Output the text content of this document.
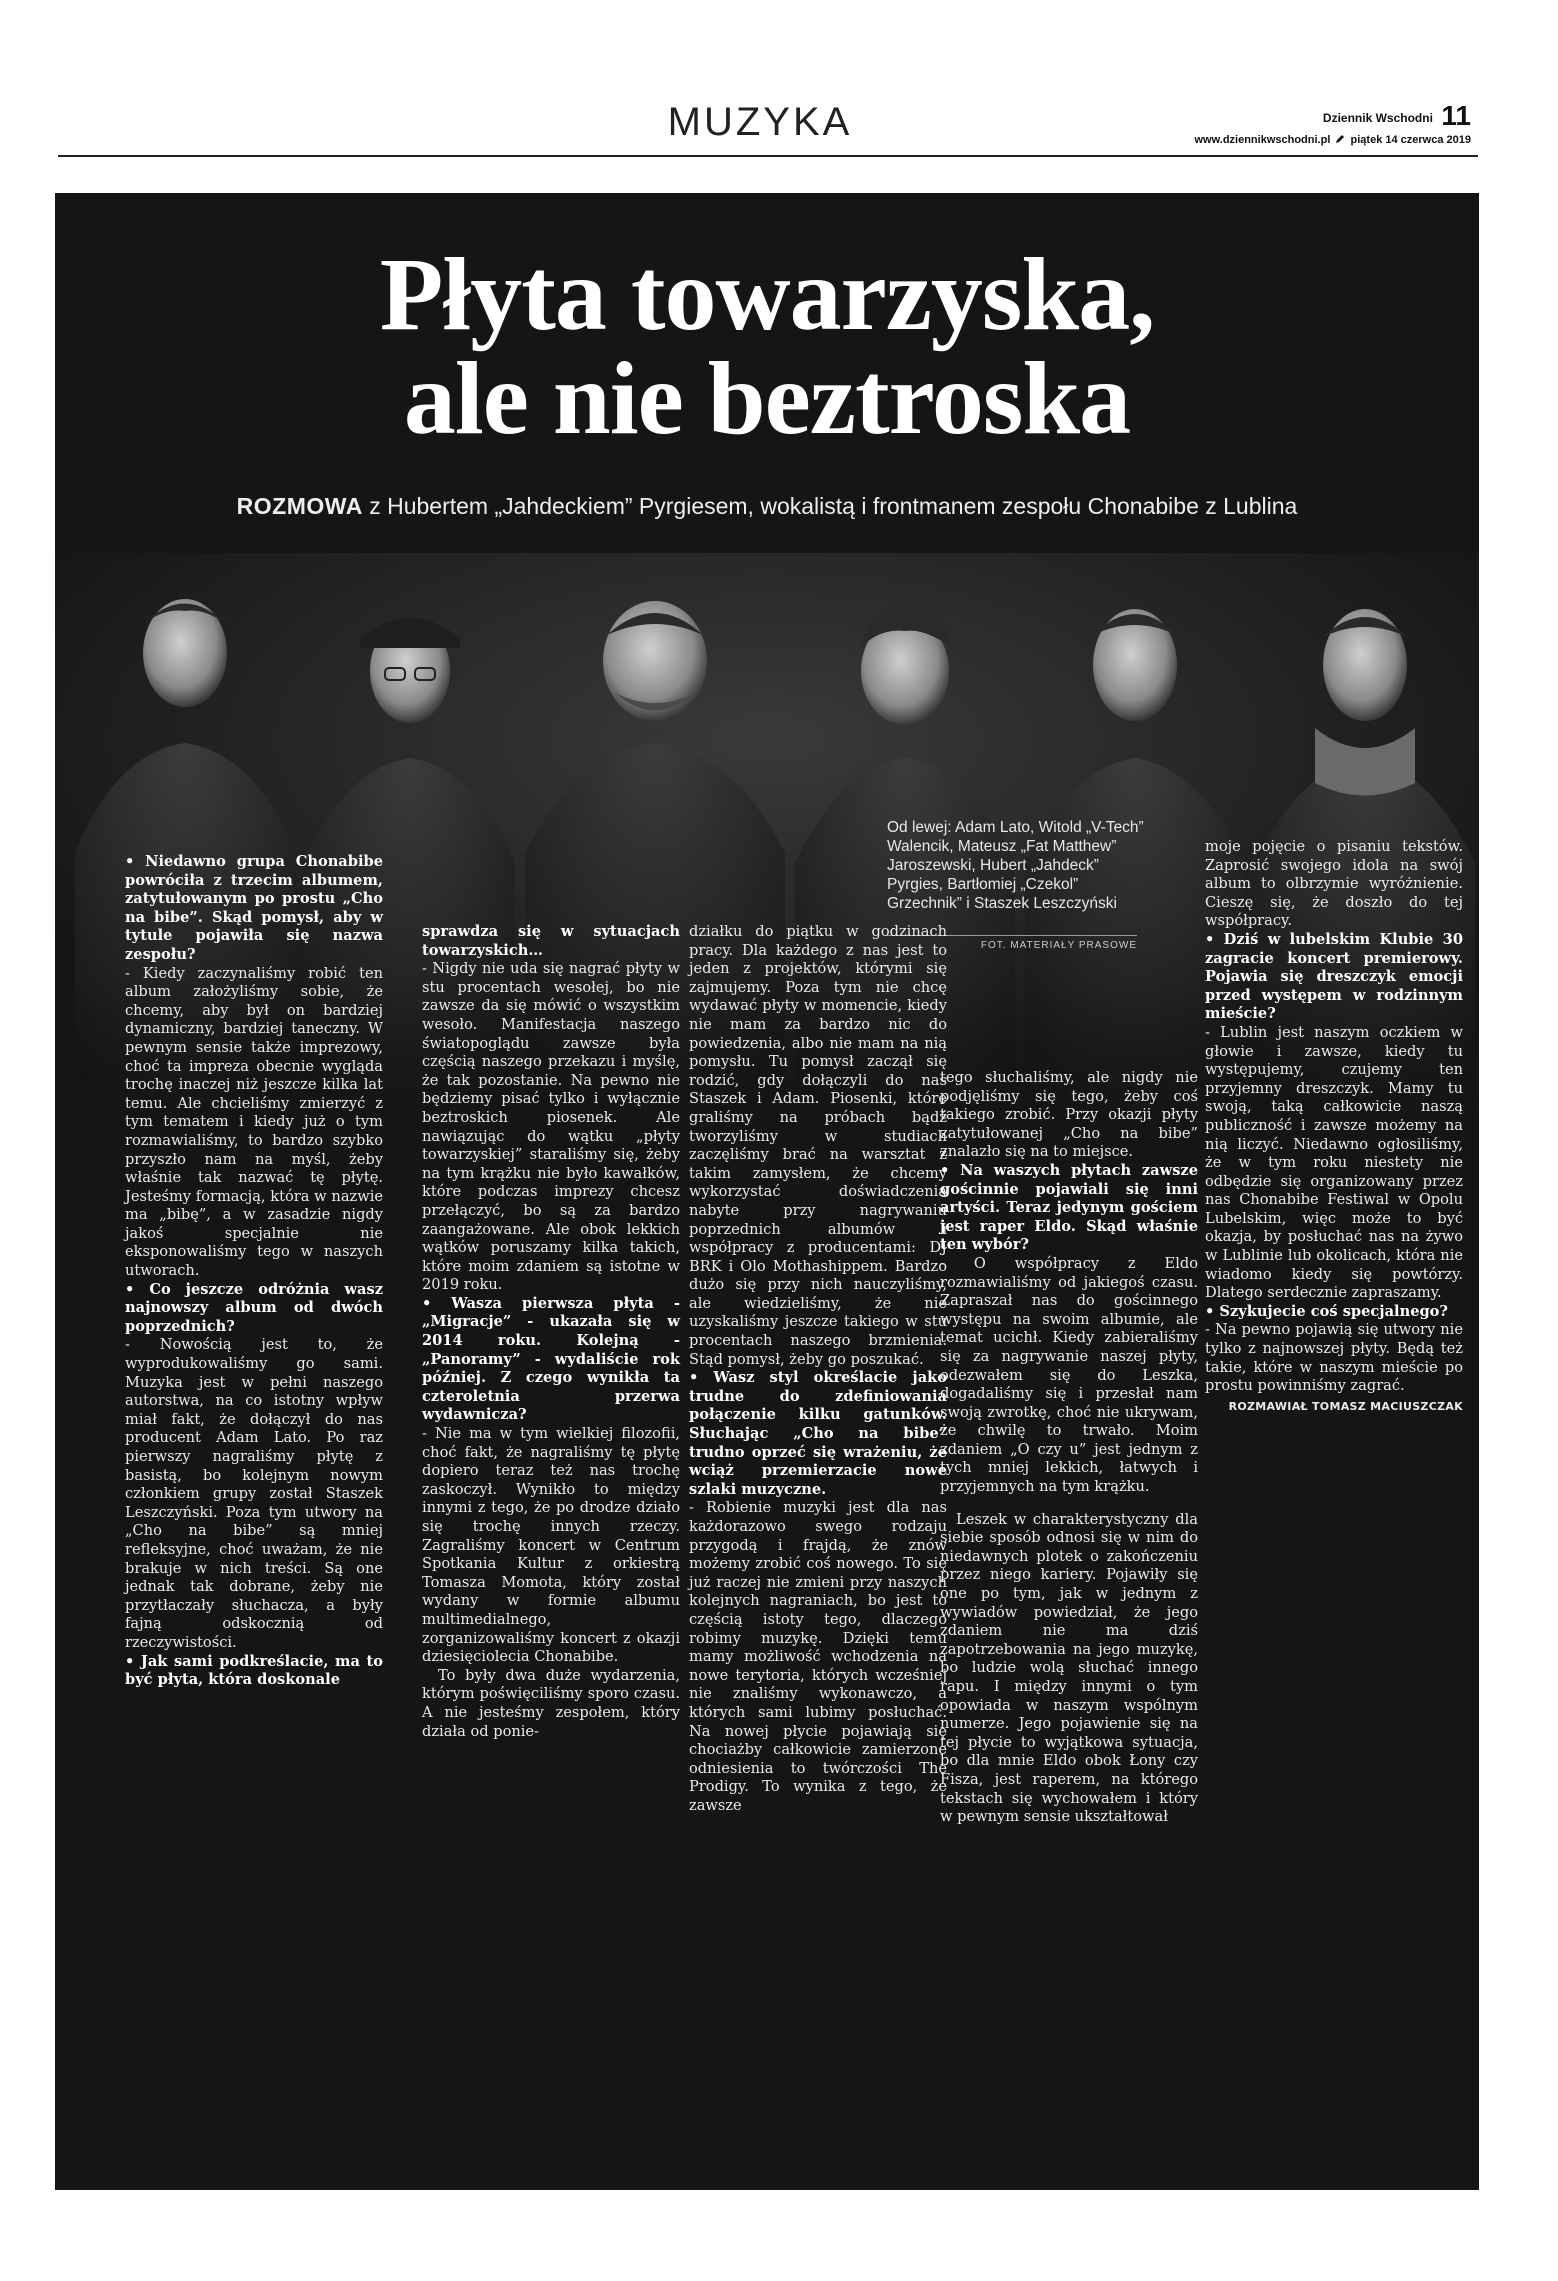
MUZYKA	Dziennik Wschodni 11
www.dziennikwschodni.pl piątek 14 czerwca 2019
Płyta towarzyska,
ale nie beztroska
ROZMOWA z Hubertem „Jahdeckiem” Pyrgiesem, wokalistą i frontmanem zespołu Chonabibe z Lublina
Od lewej: Adam Lato, Witold „V-Tech” Walencik, Mateusz „Fat Matthew” Jaroszewski, Hubert „Jahdeck” Pyrgies, Bartłomiej „Czekol” Grzechnik” i Staszek Leszczyński
FOT. MATERIAŁY PRASOWE

• Niedawno grupa Chonabibe powróciła z trzecim albumem, zatytułowanym po prostu „Cho na bibe”. Skąd pomysł, aby w tytule pojawiła się nazwa zespołu?

- Kiedy zaczynaliśmy robić ten album założyliśmy sobie, że chcemy, aby był on bardziej dynamiczny, bardziej taneczny. W pewnym sensie także imprezowy, choć ta impreza obecnie wygląda trochę inaczej niż jeszcze kilka lat temu. Ale chcieliśmy zmierzyć z tym tematem i kiedy już o tym rozmawialiśmy, to bardzo szybko przyszło nam na myśl, żeby właśnie tak nazwać tę płytę. Jesteśmy formacją, która w nazwie ma „bibę”, a w zasadzie nigdy jakoś specjalnie nie eksponowaliśmy tego w naszych utworach.

• Co jeszcze odróżnia wasz najnowszy album od dwóch poprzednich?

- Nowością jest to, że wyprodukowaliśmy go sami. Muzyka jest w pełni naszego autorstwa, na co istotny wpływ miał fakt, że dołączył do nas producent Adam Lato. Po raz pierwszy nagraliśmy płytę z basistą, bo kolejnym nowym członkiem grupy został Staszek Leszczyński. Poza tym utwory na „Cho na bibe” są mniej refleksyjne, choć uważam, że nie brakuje w nich treści. Są one jednak tak dobrane, żeby nie przytłaczały słuchacza, a były fajną odskocznią od rzeczywistości.

• Jak sami podkreślacie, ma to być płyta, która doskonale

sprawdza się w sytuacjach towarzyskich…

- Nigdy nie uda się nagrać płyty w stu procentach wesołej, bo nie zawsze da się mówić o wszystkim wesoło. Manifestacja naszego światopoglądu zawsze była częścią naszego przekazu i myślę, że tak pozostanie. Na pewno nie będziemy pisać tylko i wyłącznie beztroskich piosenek. Ale nawiązując do wątku „płyty towarzyskiej” staraliśmy się, żeby na tym krążku nie było kawałków, które podczas imprezy chcesz przełączyć, bo są za bardzo zaangażowane. Ale obok lekkich wątków poruszamy kilka takich, które moim zdaniem są istotne w 2019 roku.

• Wasza pierwsza płyta - „Migracje” - ukazała się w 2014 roku. Kolejną - „Panoramy” - wydaliście rok później. Z czego wynikła ta czteroletnia przerwa wydawnicza?

- Nie ma w tym wielkiej filozofii, choć fakt, że nagraliśmy tę płytę dopiero teraz też nas trochę zaskoczył. Wynikło to między innymi z tego, że po drodze działo się trochę innych rzeczy. Zagraliśmy koncert w Centrum Spotkania Kultur z orkiestrą Tomasza Momota, który został wydany w formie albumu multimedialnego, zorganizowaliśmy koncert z okazji dziesięciolecia Chonabibe.

To były dwa duże wydarzenia, którym poświęciliśmy sporo czasu. A nie jesteśmy zespołem, który działa od ponie-

działku do piątku w godzinach pracy. Dla każdego z nas jest to jeden z projektów, którymi się zajmujemy. Poza tym nie chcę wydawać płyty w momencie, kiedy nie mam za bardzo nic do powiedzenia, albo nie mam na nią pomysłu. Tu pomysł zaczął się rodzić, gdy dołączyli do nas Staszek i Adam. Piosenki, które graliśmy na próbach bądź tworzyliśmy w studiach zaczęliśmy brać na warsztat z takim zamysłem, że chcemy wykorzystać doświadczenia nabyte przy nagrywaniu poprzednich albumów i współpracy z producentami: DJ BRK i Olo Mothashippem. Bardzo dużo się przy nich nauczyliśmy, ale wiedzieliśmy, że nie uzyskaliśmy jeszcze takiego w stu procentach naszego brzmienia. Stąd pomysł, żeby go poszukać.

• Wasz styl określacie jako trudne do zdefiniowania połączenie kilku gatunków. Słuchając „Cho na bibe” trudno oprzeć się wrażeniu, że wciąż przemierzacie nowe szlaki muzyczne.

- Robienie muzyki jest dla nas każdorazowo swego rodzaju przygodą i frajdą, że znów możemy zrobić coś nowego. To się już raczej nie zmieni przy naszych kolejnych nagraniach, bo jest to częścią istoty tego, dlaczego robimy muzykę. Dzięki temu mamy możliwość wchodzenia na nowe terytoria, których wcześniej nie znaliśmy wykonawczo, a których sami lubimy posłuchać. Na nowej płycie pojawiają się chociażby całkowicie zamierzone odniesienia to twórczości The Prodigy. To wynika z tego, że zawsze

tego słuchaliśmy, ale nigdy nie podjęliśmy się tego, żeby coś takiego zrobić. Przy okazji płyty zatytułowanej „Cho na bibe” znalazło się na to miejsce.

• Na waszych płytach zawsze gościnnie pojawiali się inni artyści. Teraz jedynym gościem jest raper Eldo. Skąd właśnie ten wybór?

- O współpracy z Eldo rozmawialiśmy od jakiegoś czasu. Zapraszał nas do gościnnego występu na swoim albumie, ale temat ucichł. Kiedy zabieraliśmy się za nagrywanie naszej płyty, odezwałem się do Leszka, dogadaliśmy się i przesłał nam swoją zwrotkę, choć nie ukrywam, że chwilę to trwało. Moim zdaniem „O czy u” jest jednym z tych mniej lekkich, łatwych i przyjemnych na tym krążku.

Leszek w charakterystyczny dla siebie sposób odnosi się w nim do niedawnych plotek o zakończeniu przez niego kariery. Pojawiły się one po tym, jak w jednym z wywiadów powiedział, że jego zdaniem nie ma dziś zapotrzebowania na jego muzykę, bo ludzie wolą słuchać innego rapu. I między innymi o tym opowiada w naszym wspólnym numerze. Jego pojawienie się na tej płycie to wyjątkowa sytuacja, bo dla mnie Eldo obok Łony czy Fisza, jest raperem, na którego tekstach się wychowałem i który w pewnym sensie ukształtował

moje pojęcie o pisaniu tekstów. Zaprosić swojego idola na swój album to olbrzymie wyróżnienie. Cieszę się, że doszło do tej współpracy.

• Dziś w lubelskim Klubie 30 zagracie koncert premierowy. Pojawia się dreszczyk emocji przed występem w rodzinnym mieście?

- Lublin jest naszym oczkiem w głowie i zawsze, kiedy tu występujemy, czujemy ten przyjemny dreszczyk. Mamy tu swoją, taką całkowicie naszą publiczność i zawsze możemy na nią liczyć. Niedawno ogłosiliśmy, że w tym roku niestety nie odbędzie się organizowany przez nas Chonabibe Festiwal w Opolu Lubelskim, więc może to być okazja, by posłuchać nas na żywo w Lublinie lub okolicach, która nie wiadomo kiedy się powtórzy. Dlatego serdecznie zapraszamy.

• Szykujecie coś specjalnego?

- Na pewno pojawią się utwory nie tylko z najnowszej płyty. Będą też takie, które w naszym mieście po prostu powinniśmy zagrać.

ROZMAWIAŁ TOMASZ MACIUSZCZAK
